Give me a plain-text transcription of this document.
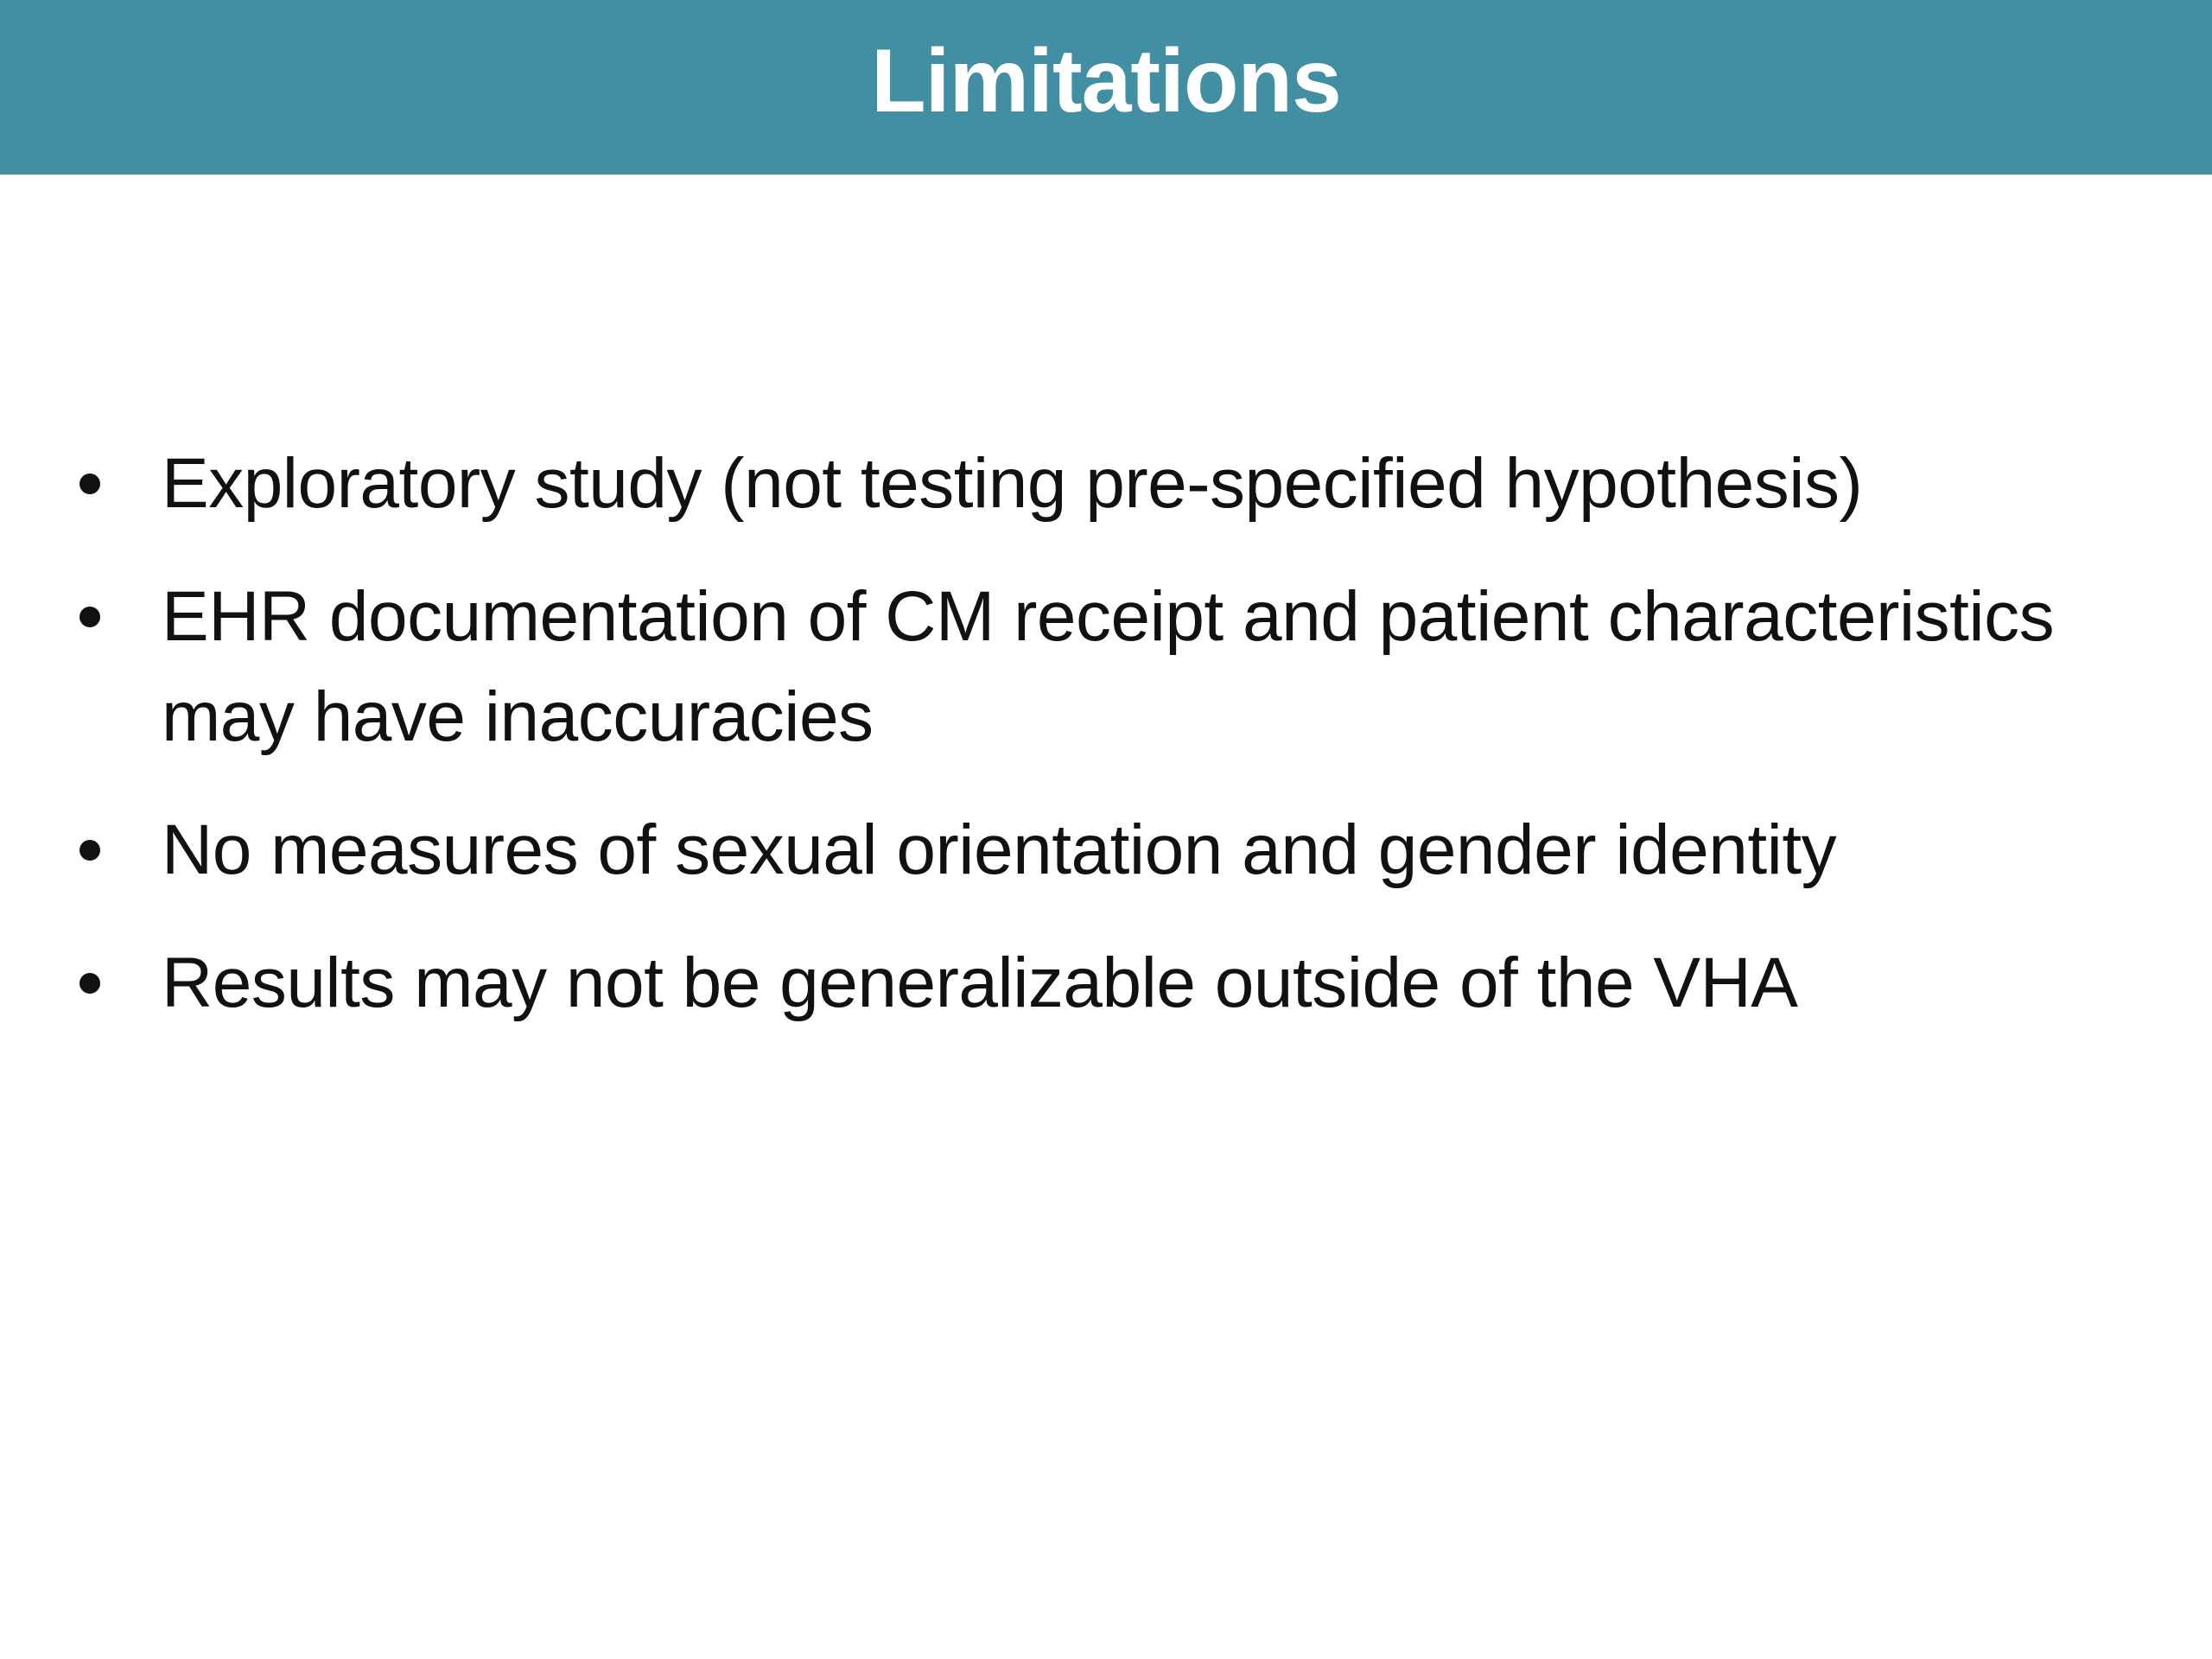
Limitations
Exploratory study (not testing pre-specified hypothesis)
EHR documentation of CM receipt and patient characteristics may have inaccuracies
No measures of sexual orientation and gender identity
Results may not be generalizable outside of the VHA
